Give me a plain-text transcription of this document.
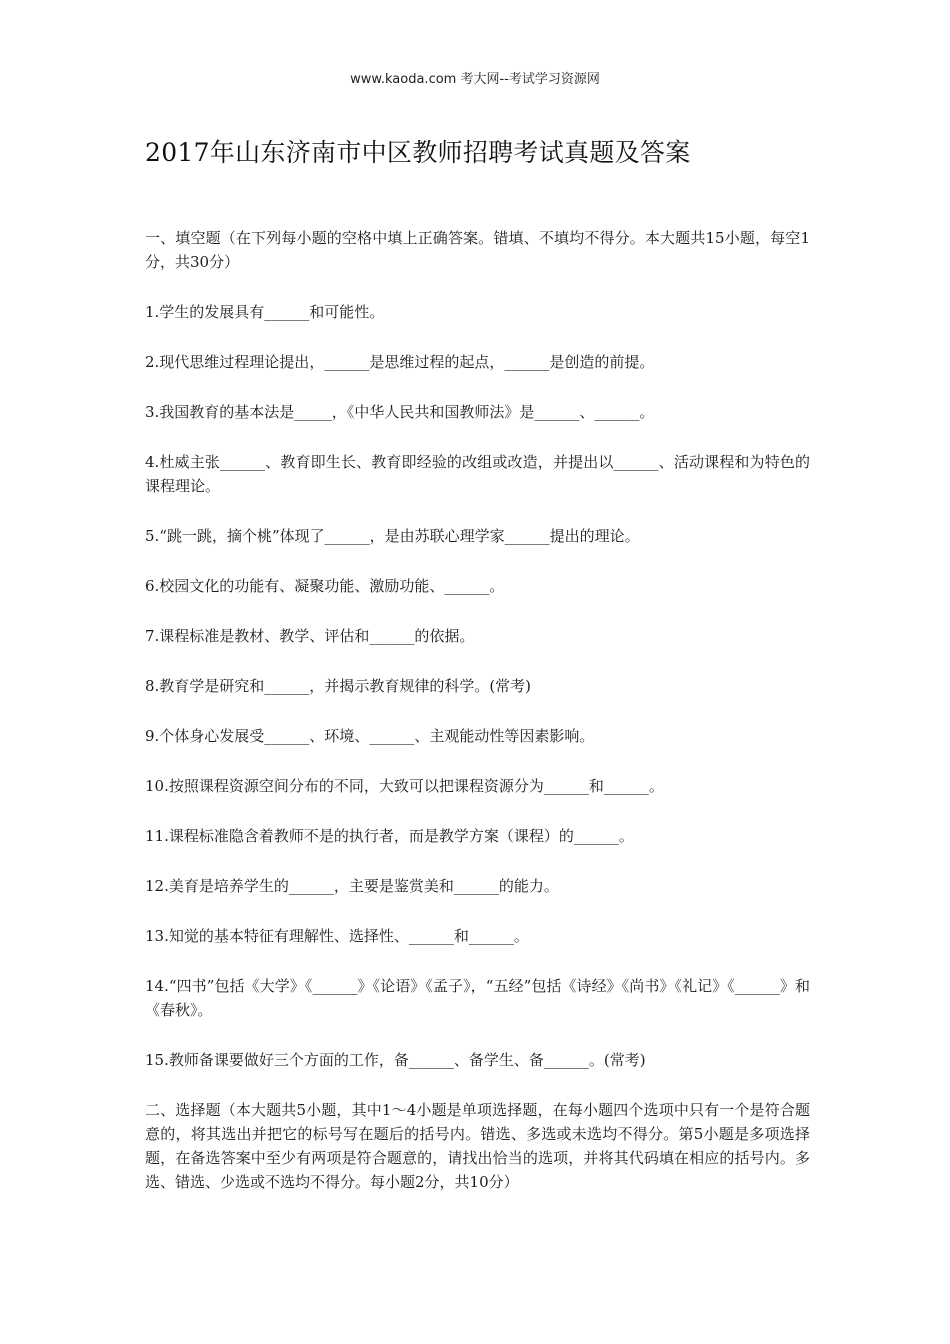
www.kaoda.com 考大网--考试学习资源网
2017年山东济南市中区教师招聘考试真题及答案

一、填空题（在下列每小题的空格中填上正确答案。错填、不填均不得分。本大题共15小题，每空1分，共30分）

1.学生的发展具有______和可能性。

2.现代思维过程理论提出，______是思维过程的起点，______是创造的前提。

3.我国教育的基本法是_____，《中华人民共和国教师法》是______、______。

4.杜威主张______、教育即生长、教育即经验的改组或改造，并提出以______、活动课程和为特色的课程理论。

5.“跳一跳，摘个桃”体现了______，是由苏联心理学家______提出的理论。

6.校园文化的功能有、凝聚功能、激励功能、______。

7.课程标准是教材、教学、评估和______的依据。

8.教育学是研究和______，并揭示教育规律的科学。(常考)

9.个体身心发展受______、环境、______、主观能动性等因素影响。

10.按照课程资源空间分布的不同，大致可以把课程资源分为______和______。

11.课程标准隐含着教师不是的执行者，而是教学方案（课程）的______。

12.美育是培养学生的______，主要是鉴赏美和______的能力。

13.知觉的基本特征有理解性、选择性、______和______。

14.“四书”包括《大学》《______》《论语》《孟子》，“五经”包括《诗经》《尚书》《礼记》《______》和《春秋》。

15.教师备课要做好三个方面的工作，备______、备学生、备______。(常考)

二、选择题（本大题共5小题，其中1～4小题是单项选择题，在每小题四个选项中只有一个是符合题意的，将其选出并把它的标号写在题后的括号内。错选、多选或未选均不得分。第5小题是多项选择题，在备选答案中至少有两项是符合题意的，请找出恰当的选项，并将其代码填在相应的括号内。多选、错选、少选或不选均不得分。每小题2分，共10分）
